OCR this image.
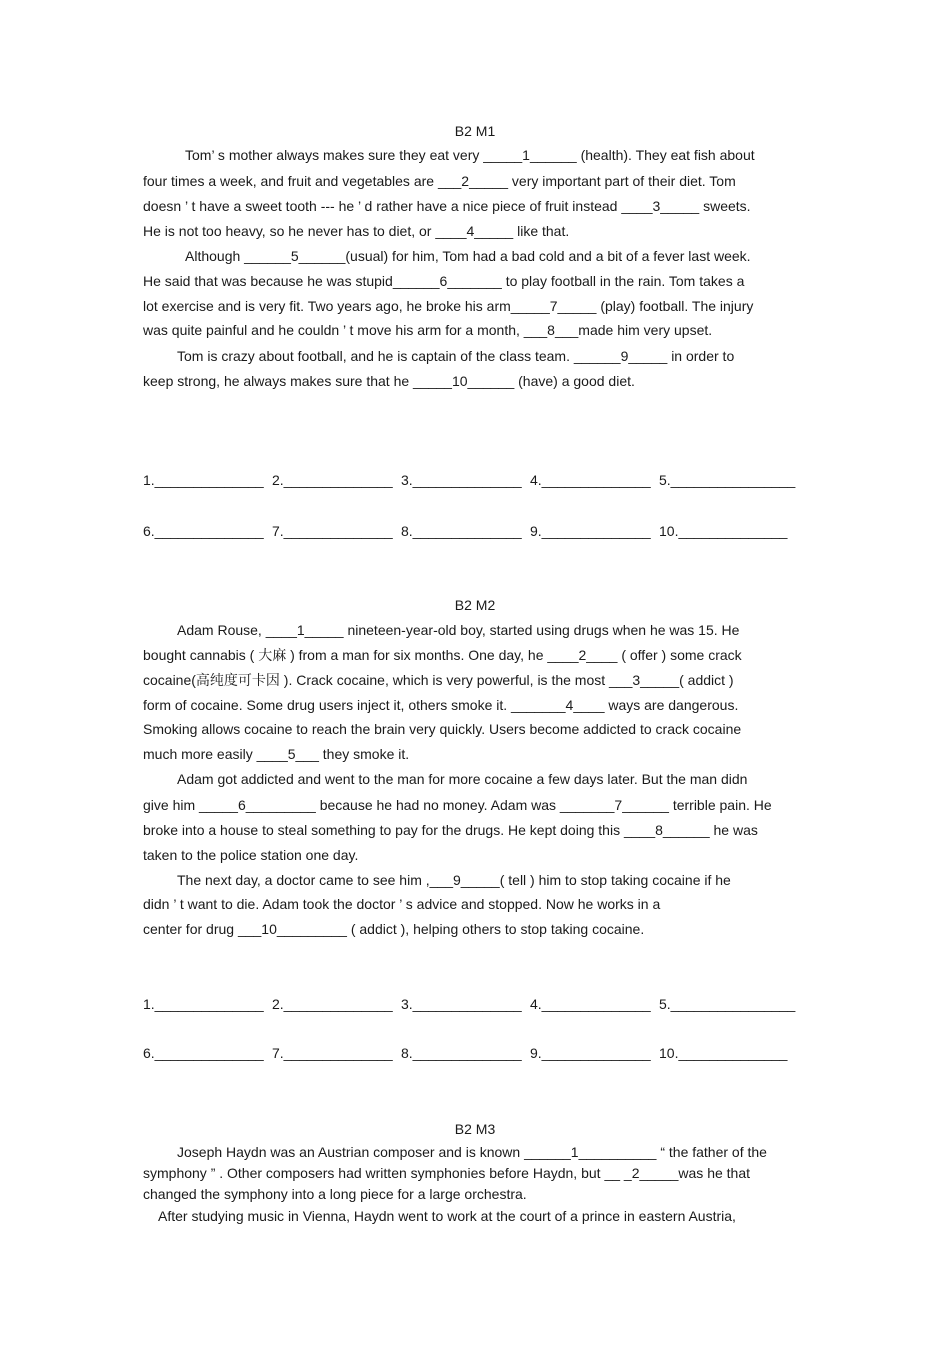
B2 M1
Tom’ s mother always makes sure they eat very _____1______ (health). They eat fish about
four times a week, and fruit and vegetables are ___2_____ very important part of their diet. Tom
doesn ’ t have a sweet tooth --- he ’ d rather have a nice piece of fruit instead ____3_____ sweets.
He is not too heavy, so he never has to diet, or ____4_____ like that.
Although ______5______(usual) for him, Tom had a bad cold and a bit of a fever last week.
He said that was because he was stupid______6_______ to play football in the rain. Tom takes a
lot exercise and is very fit. Two years ago, he broke his arm_____7_____ (play) football. The injury
was quite painful and he couldn ’ t move his arm for a month, ___8___made him very upset.
Tom is crazy about football, and he is captain of the class team. ______9_____ in order to
keep strong, he always makes sure that he _____10______ (have) a good diet.
1.______________ 2.______________ 3.______________ 4.______________ 5.________________
6.______________ 7.______________ 8.______________ 9.______________ 10.______________
B2 M2
Adam Rouse, ____1_____ nineteen-year-old boy, started using drugs when he was 15. He
bought cannabis ( 大麻 ) from a man for six months. One day, he ____2____ ( offer ) some crack
cocaine(高纯度可卡因 ). Crack cocaine, which is very powerful, is the most ___3_____( addict )
form of cocaine. Some drug users inject it, others smoke it. _______4____ ways are dangerous.
Smoking allows cocaine to reach the brain very quickly. Users become addicted to crack cocaine
much more easily ____5___ they smoke it.
Adam got addicted and went to the man for more cocaine a few days later. But the man didn
give him _____6_________ because he had no money. Adam was _______7______ terrible pain. He
broke into a house to steal something to pay for the drugs. He kept doing this ____8______ he was
taken to the police station one day.
The next day, a doctor came to see him ,___9_____( tell ) him to stop taking cocaine if he
didn ’ t want to die. Adam took the doctor ’ s advice and stopped. Now he works in a
center for drug ___10_________ ( addict ), helping others to stop taking cocaine.
1.______________ 2.______________ 3.______________ 4.______________ 5.________________
6.______________ 7.______________ 8.______________ 9.______________ 10.______________
B2 M3
Joseph Haydn was an Austrian composer and is known ______1__________ “ the father of the
symphony ” . Other composers had written symphonies before Haydn, but __ _2_____was he that
changed the symphony into a long piece for a large orchestra.
After studying music in Vienna, Haydn went to work at the court of a prince in eastern Austria,
